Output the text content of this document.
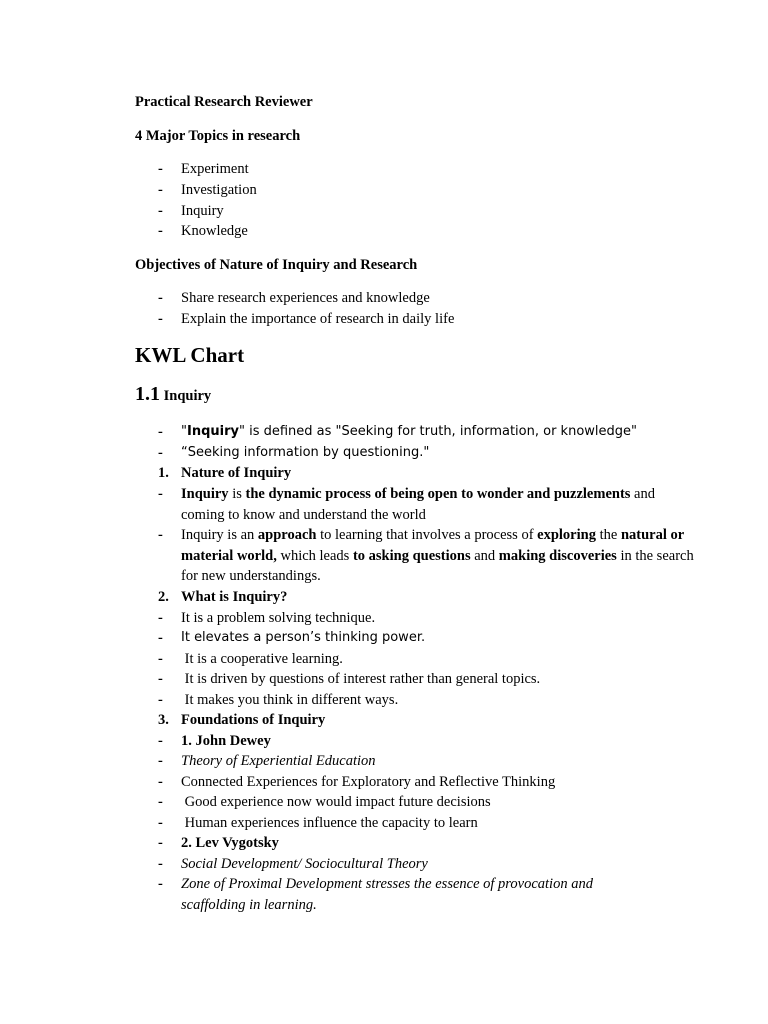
Practical Research Reviewer
4 Major Topics in research
- Experiment
- Investigation
- Inquiry
- Knowledge
Objectives of Nature of Inquiry and Research
- Share research experiences and knowledge
- Explain the importance of research in daily life
KWL Chart
1.1 Inquiry
- "Inquiry" is defined as "Seeking for truth, information, or knowledge"
- “Seeking information by questioning."
1. Nature of Inquiry
- Inquiry is the dynamic process of being open to wonder and puzzlements and coming to know and understand the world
- Inquiry is an approach to learning that involves a process of exploring the natural or material world, which leads to asking questions and making discoveries in the search for new understandings.
2. What is Inquiry?
- It is a problem solving technique.
- It elevates a person’s thinking power.
- It is a cooperative learning.
- It is driven by questions of interest rather than general topics.
- It makes you think in different ways.
3. Foundations of Inquiry
- 1. John Dewey
- Theory of Experiential Education
- Connected Experiences for Exploratory and Reflective Thinking
- Good experience now would impact future decisions
- Human experiences influence the capacity to learn
- 2. Lev Vygotsky
- Social Development/ Sociocultural Theory
- Zone of Proximal Development stresses the essence of provocation and scaffolding in learning.
